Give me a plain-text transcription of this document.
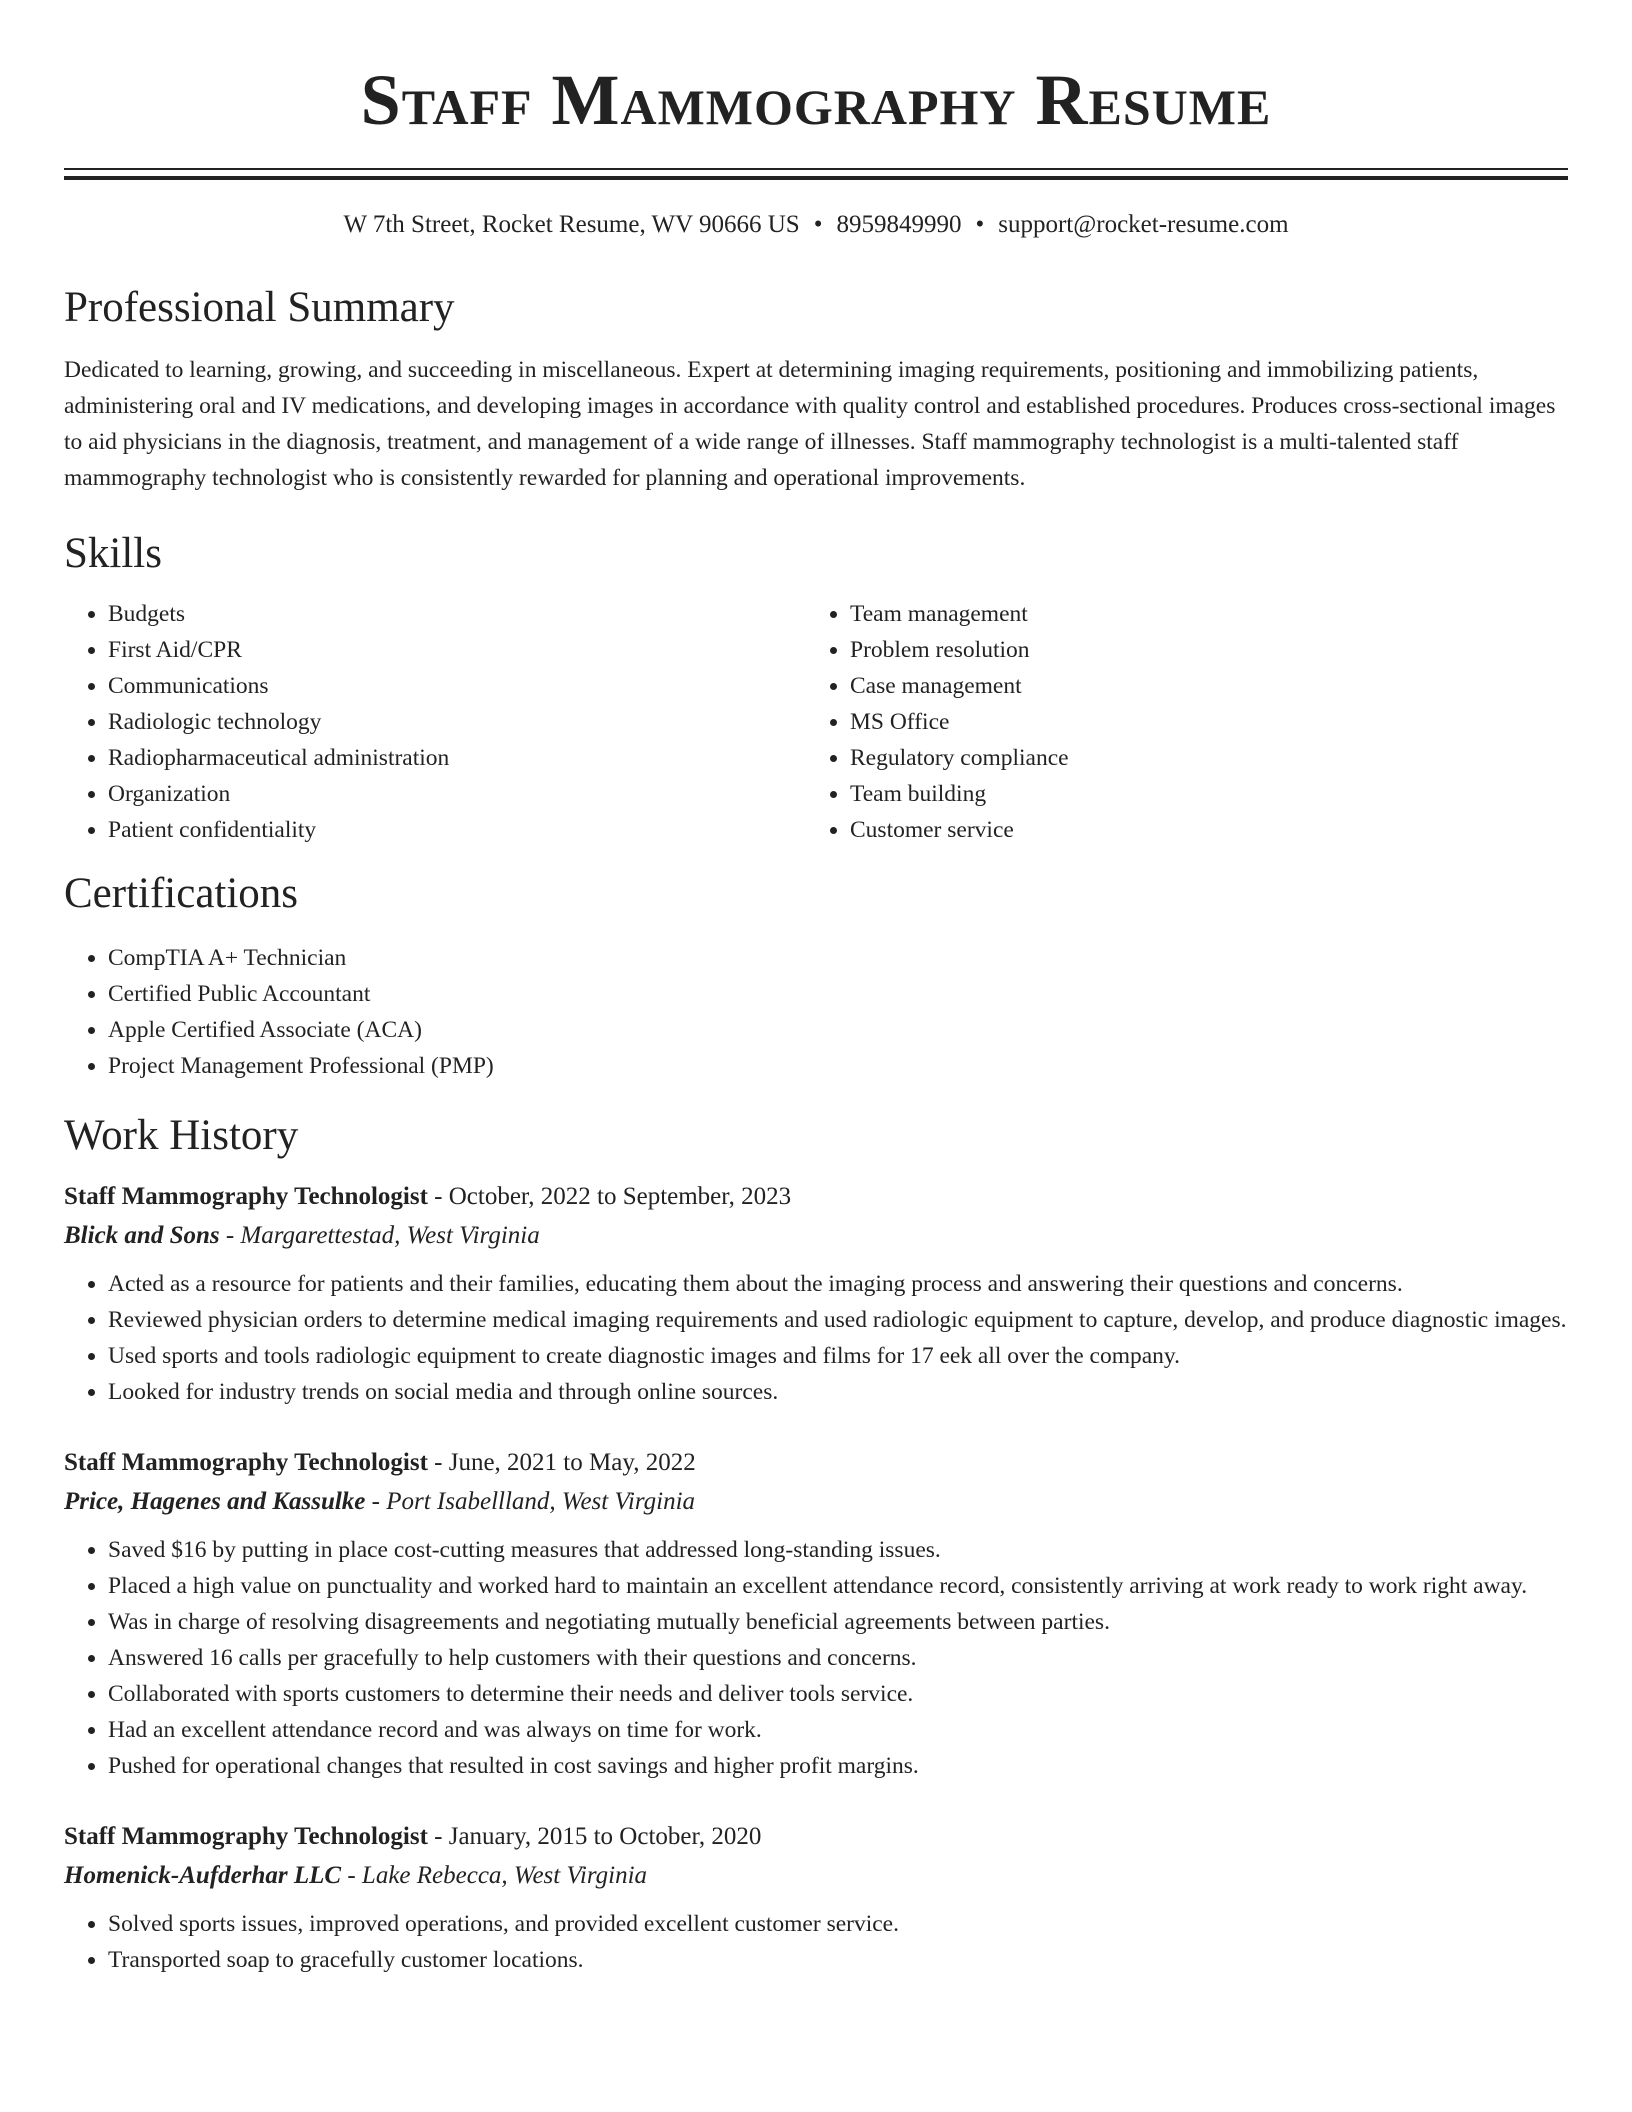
Staff Mammography Resume
W 7th Street, Rocket Resume, WV 90666 US • 8959849990 • support@rocket-resume.com
Professional Summary

Dedicated to learning, growing, and succeeding in miscellaneous. Expert at determining imaging requirements, positioning and immobilizing patients, administering oral and IV medications, and developing images in accordance with quality control and established procedures. Produces cross-sectional images to aid physicians in the diagnosis, treatment, and management of a wide range of illnesses. Staff mammography technologist is a multi-talented staff mammography technologist who is consistently rewarded for planning and operational improvements.

Skills
• Budgets
• First Aid/CPR
• Communications
• Radiologic technology
• Radiopharmaceutical administration
• Organization
• Patient confidentiality
• Team management
• Problem resolution
• Case management
• MS Office
• Regulatory compliance
• Team building
• Customer service
Certifications
• CompTIA A+ Technician
• Certified Public Accountant
• Apple Certified Associate (ACA)
• Project Management Professional (PMP)
Work History
Staff Mammography Technologist - October, 2022 to September, 2023
Blick and Sons - Margarettestad, West Virginia
• Acted as a resource for patients and their families, educating them about the imaging process and answering their questions and concerns.
• Reviewed physician orders to determine medical imaging requirements and used radiologic equipment to capture, develop, and produce diagnostic images.
• Used sports and tools radiologic equipment to create diagnostic images and films for 17 eek all over the company.
• Looked for industry trends on social media and through online sources.
Staff Mammography Technologist - June, 2021 to May, 2022
Price, Hagenes and Kassulke - Port Isabellland, West Virginia
• Saved $16 by putting in place cost-cutting measures that addressed long-standing issues.
• Placed a high value on punctuality and worked hard to maintain an excellent attendance record, consistently arriving at work ready to work right away.
• Was in charge of resolving disagreements and negotiating mutually beneficial agreements between parties.
• Answered 16 calls per gracefully to help customers with their questions and concerns.
• Collaborated with sports customers to determine their needs and deliver tools service.
• Had an excellent attendance record and was always on time for work.
• Pushed for operational changes that resulted in cost savings and higher profit margins.
Staff Mammography Technologist - January, 2015 to October, 2020
Homenick-Aufderhar LLC - Lake Rebecca, West Virginia
• Solved sports issues, improved operations, and provided excellent customer service.
• Transported soap to gracefully customer locations.
